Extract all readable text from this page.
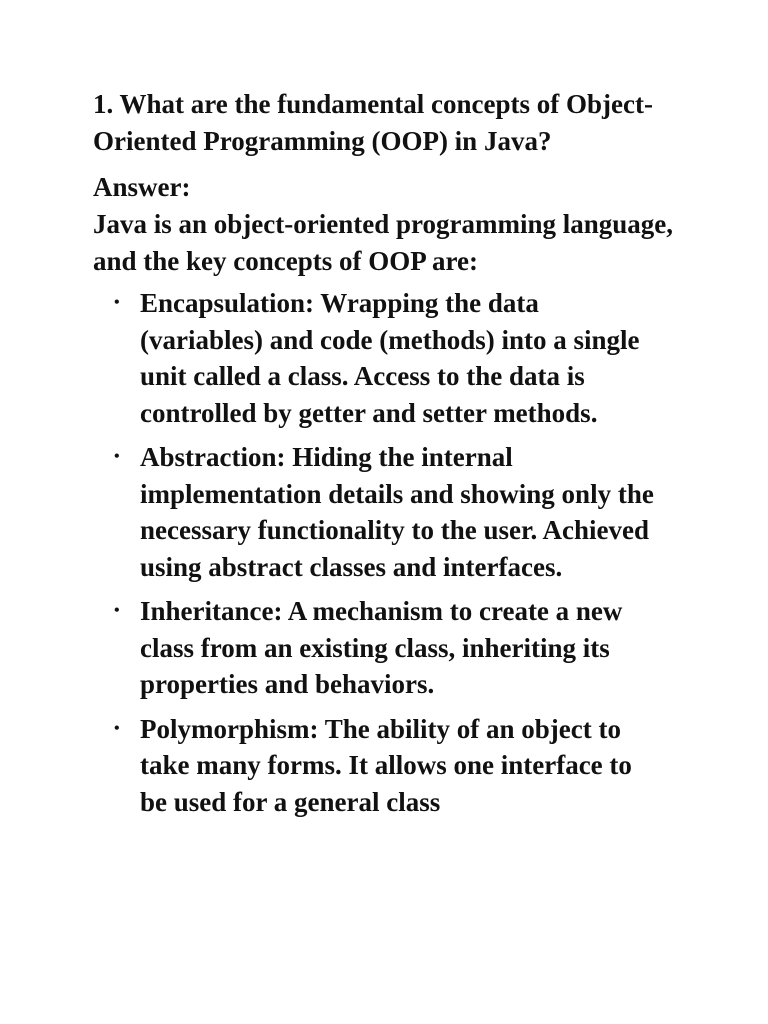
1. What are the fundamental concepts of Object-Oriented Programming (OOP) in Java?
Answer:
Java is an object-oriented programming language, and the key concepts of OOP are:
• Encapsulation: Wrapping the data (variables) and code (methods) into a single unit called a class. Access to the data is controlled by getter and setter methods.
• Abstraction: Hiding the internal implementation details and showing only the necessary functionality to the user. Achieved using abstract classes and interfaces.
• Inheritance: A mechanism to create a new class from an existing class, inheriting its properties and behaviors.
• Polymorphism: The ability of an object to take many forms. It allows one interface to be used for a general class
